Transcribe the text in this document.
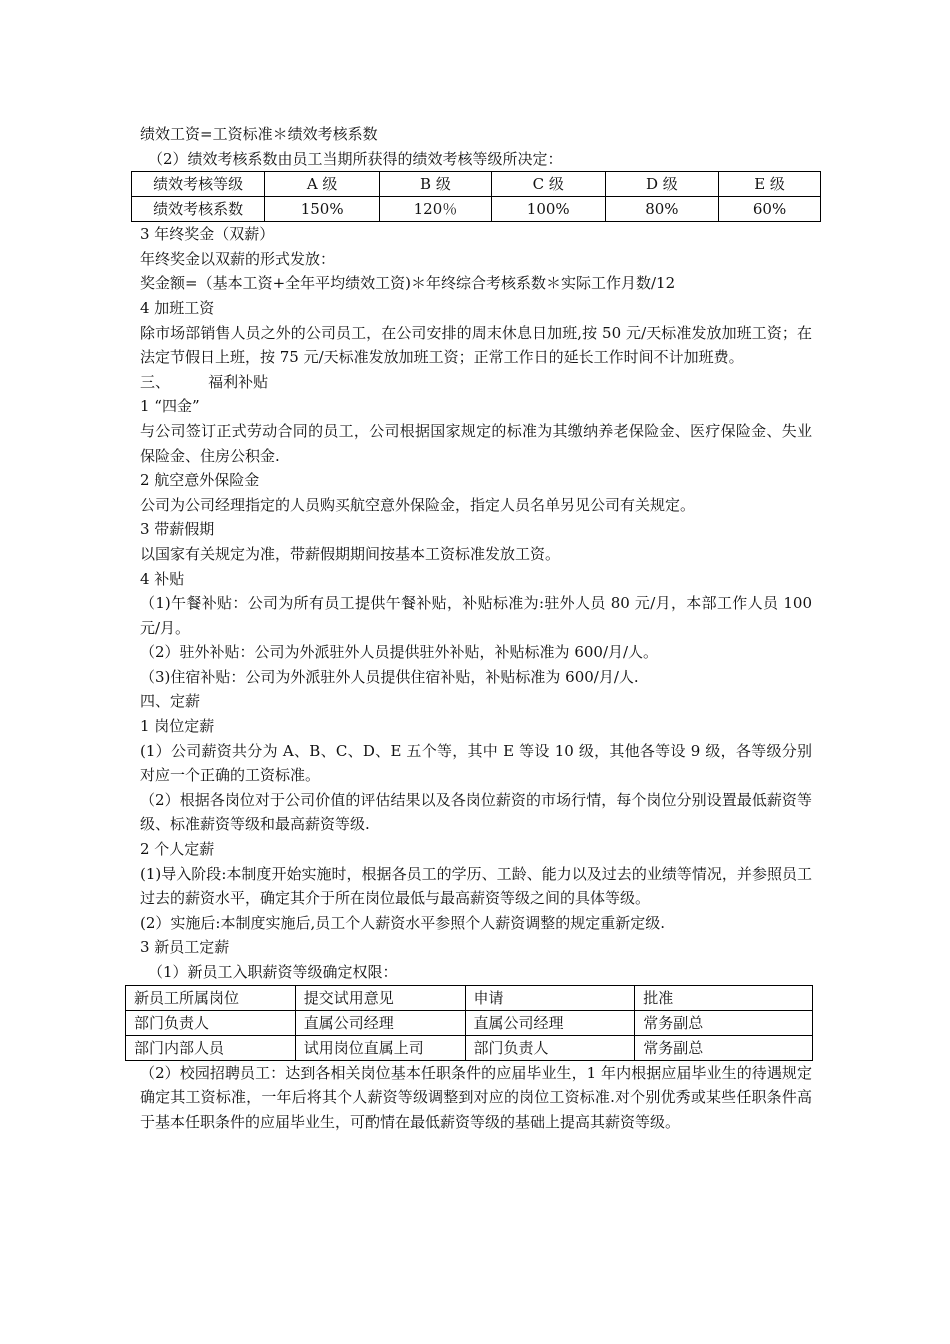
绩效工资=工资标准＊绩效考核系数

（2）绩效考核系数由员工当期所获得的绩效考核等级所决定：

绩效考核等级	A 级	B 级	C 级	D 级	E 级
绩效考核系数	150%	120％	100%	80%	60%

3 年终奖金（双薪）

年终奖金以双薪的形式发放：

奖金额=（基本工资+全年平均绩效工资)＊年终综合考核系数＊实际工作月数/12

4 加班工资

除市场部销售人员之外的公司员工，在公司安排的周末休息日加班,按 50 元/天标准发放加班工资；在法定节假日上班，按 75 元/天标准发放加班工资；正常工作日的延长工作时间不计加班费。

三、        福利补贴

1 “四金”

与公司签订正式劳动合同的员工，公司根据国家规定的标准为其缴纳养老保险金、医疗保险金、失业保险金、住房公积金.

2 航空意外保险金

公司为公司经理指定的人员购买航空意外保险金，指定人员名单另见公司有关规定。

3 带薪假期

以国家有关规定为准，带薪假期期间按基本工资标准发放工资。

4 补贴

（1)午餐补贴：公司为所有员工提供午餐补贴，补贴标准为:驻外人员 80 元/月，本部工作人员 100 元/月。

（2）驻外补贴：公司为外派驻外人员提供驻外补贴，补贴标准为 600/月/人。

（3)住宿补贴：公司为外派驻外人员提供住宿补贴，补贴标准为 600/月/人.

四、定薪

1 岗位定薪

(1）公司薪资共分为 A、B、C、D、E 五个等，其中 E 等设 10 级，其他各等设 9 级，各等级分别对应一个正确的工资标准。

（2）根据各岗位对于公司价值的评估结果以及各岗位薪资的市场行情，每个岗位分别设置最低薪资等级、标准薪资等级和最高薪资等级.

2 个人定薪

(1)导入阶段:本制度开始实施时，根据各员工的学历、工龄、能力以及过去的业绩等情况，并参照员工过去的薪资水平，确定其介于所在岗位最低与最高薪资等级之间的具体等级。

(2）实施后:本制度实施后,员工个人薪资水平参照个人薪资调整的规定重新定级.

3 新员工定薪

（1）新员工入职薪资等级确定权限：

新员工所属岗位	提交试用意见	申请	批准
部门负责人	直属公司经理	直属公司经理	常务副总
部门内部人员	试用岗位直属上司	部门负责人	常务副总

（2）校园招聘员工：达到各相关岗位基本任职条件的应届毕业生，1 年内根据应届毕业生的待遇规定确定其工资标准，一年后将其个人薪资等级调整到对应的岗位工资标准.对个别优秀或某些任职条件高于基本任职条件的应届毕业生，可酌情在最低薪资等级的基础上提高其薪资等级。
